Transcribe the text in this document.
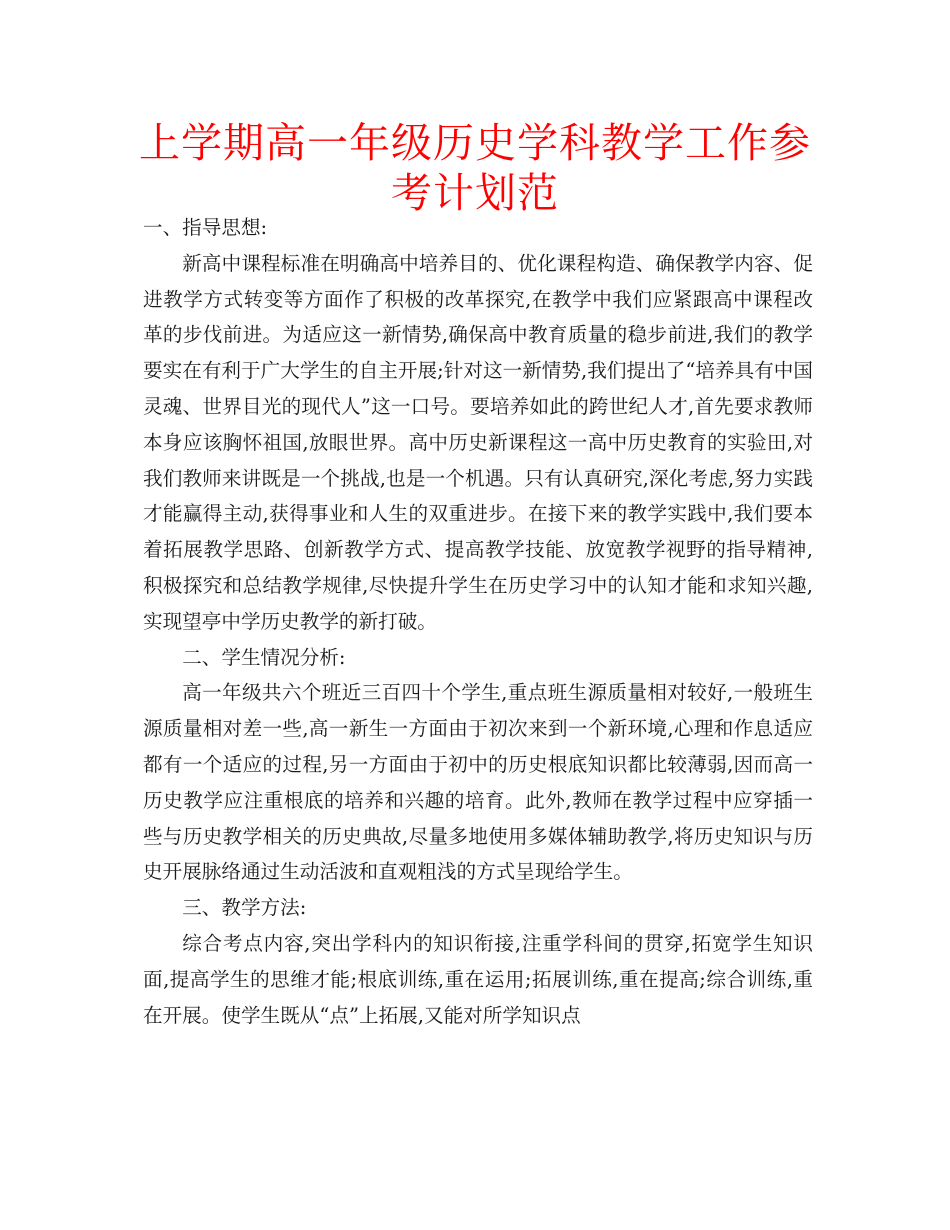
上学期高一年级历史学科教学工作参考计划范

一、指导思想:

新高中课程标准在明确高中培养目的、优化课程构造、确保教学内容、促进教学方式转变等方面作了积极的改革探究,在教学中我们应紧跟高中课程改革的步伐前进。为适应这一新情势,确保高中教育质量的稳步前进,我们的教学要实在有利于广大学生的自主开展;针对这一新情势,我们提出了“培养具有中国灵魂、世界目光的现代人”这一口号。要培养如此的跨世纪人才,首先要求教师本身应该胸怀祖国,放眼世界。高中历史新课程这一高中历史教育的实验田,对我们教师来讲既是一个挑战,也是一个机遇。只有认真研究,深化考虑,努力实践才能赢得主动,获得事业和人生的双重进步。在接下来的教学实践中,我们要本着拓展教学思路、创新教学方式、提高教学技能、放宽教学视野的指导精神,积极探究和总结教学规律,尽快提升学生在历史学习中的认知才能和求知兴趣,实现望亭中学历史教学的新打破。

二、学生情况分析:

高一年级共六个班近三百四十个学生,重点班生源质量相对较好,一般班生源质量相对差一些,高一新生一方面由于初次来到一个新环境,心理和作息适应都有一个适应的过程,另一方面由于初中的历史根底知识都比较薄弱,因而高一历史教学应注重根底的培养和兴趣的培育。此外,教师在教学过程中应穿插一些与历史教学相关的历史典故,尽量多地使用多媒体辅助教学,将历史知识与历史开展脉络通过生动活波和直观粗浅的方式呈现给学生。

三、教学方法:

综合考点内容,突出学科内的知识衔接,注重学科间的贯穿,拓宽学生知识面,提高学生的思维才能;根底训练,重在运用;拓展训练,重在提高;综合训练,重在开展。使学生既从“点”上拓展,又能对所学知识点
